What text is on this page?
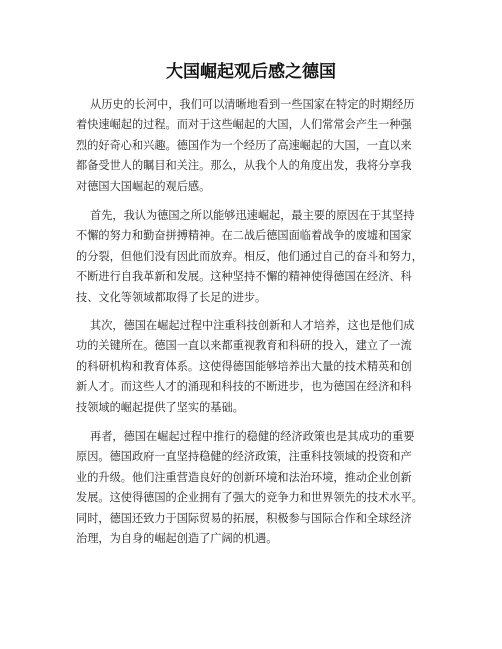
大国崛起观后感之德国
从历史的长河中，我们可以清晰地看到一些国家在特定的时期经历
着快速崛起的过程。而对于这些崛起的大国，人们常常会产生一种强
烈的好奇心和兴趣。德国作为一个经历了高速崛起的大国，一直以来
都备受世人的瞩目和关注。那么，从我个人的角度出发，我将分享我
对德国大国崛起的观后感。
首先，我认为德国之所以能够迅速崛起，最主要的原因在于其坚持
不懈的努力和勤奋拼搏精神。在二战后德国面临着战争的废墟和国家
的分裂，但他们没有因此而放弃。相反，他们通过自己的奋斗和努力，
不断进行自我革新和发展。这种坚持不懈的精神使得德国在经济、科
技、文化等领域都取得了长足的进步。
其次，德国在崛起过程中注重科技创新和人才培养，这也是他们成
功的关键所在。德国一直以来都重视教育和科研的投入，建立了一流
的科研机构和教育体系。这使得德国能够培养出大量的技术精英和创
新人才。而这些人才的涌现和科技的不断进步，也为德国在经济和科
技领域的崛起提供了坚实的基础。
再者，德国在崛起过程中推行的稳健的经济政策也是其成功的重要
原因。德国政府一直坚持稳健的经济政策，注重科技领域的投资和产
业的升级。他们注重营造良好的创新环境和法治环境，推动企业创新
发展。这使得德国的企业拥有了强大的竞争力和世界领先的技术水平。
同时，德国还致力于国际贸易的拓展，积极参与国际合作和全球经济
治理，为自身的崛起创造了广阔的机遇。
